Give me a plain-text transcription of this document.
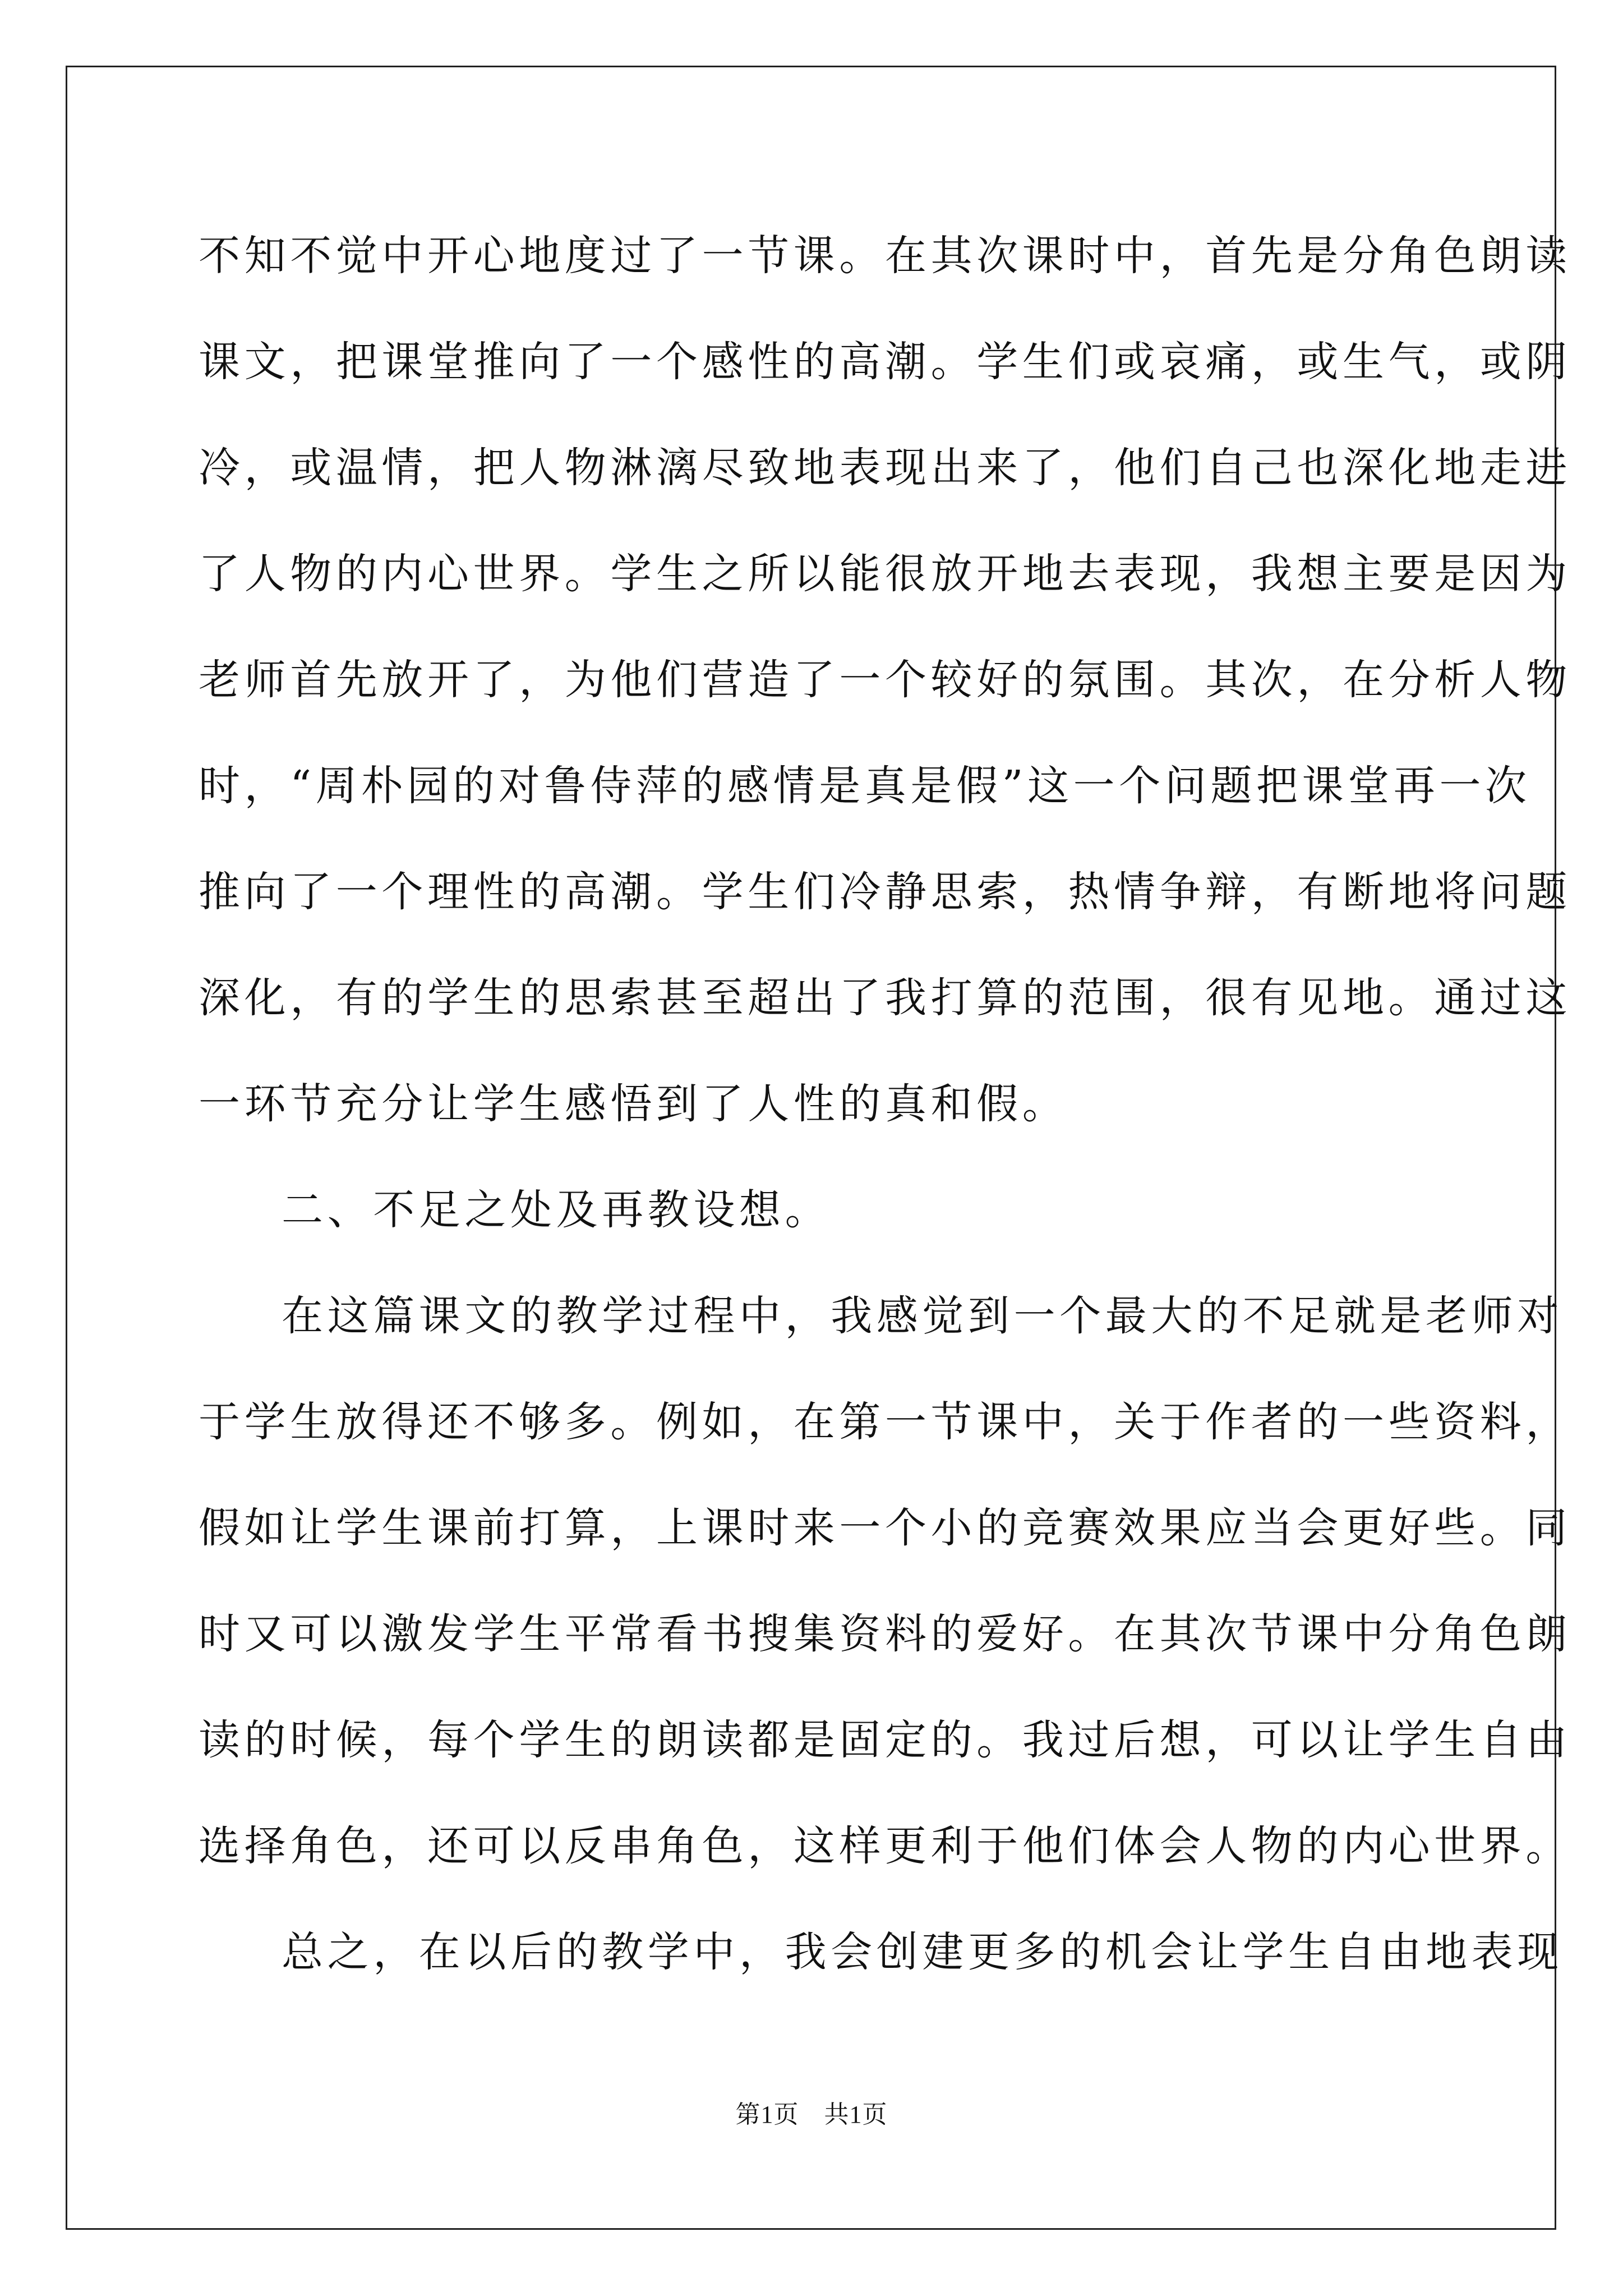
不知不觉中开心地度过了一节课。在其次课时中，首先是分角色朗读
课文，把课堂推向了一个感性的高潮。学生们或哀痛，或生气，或阴
冷，或温情，把人物淋漓尽致地表现出来了，他们自己也深化地走进
了人物的内心世界。学生之所以能很放开地去表现，我想主要是因为
老师首先放开了，为他们营造了一个较好的氛围。其次，在分析人物
时，“周朴园的对鲁侍萍的感情是真是假”这一个问题把课堂再一次
推向了一个理性的高潮。学生们冷静思索，热情争辩，有断地将问题
深化，有的学生的思索甚至超出了我打算的范围，很有见地。通过这
一环节充分让学生感悟到了人性的真和假。
二、不足之处及再教设想。
在这篇课文的教学过程中，我感觉到一个最大的不足就是老师对
于学生放得还不够多。例如，在第一节课中，关于作者的一些资料，
假如让学生课前打算，上课时来一个小的竞赛效果应当会更好些。同
时又可以激发学生平常看书搜集资料的爱好。在其次节课中分角色朗
读的时候，每个学生的朗读都是固定的。我过后想，可以让学生自由
选择角色，还可以反串角色，这样更利于他们体会人物的内心世界。
总之，在以后的教学中，我会创建更多的机会让学生自由地表现
第1页　共1页
